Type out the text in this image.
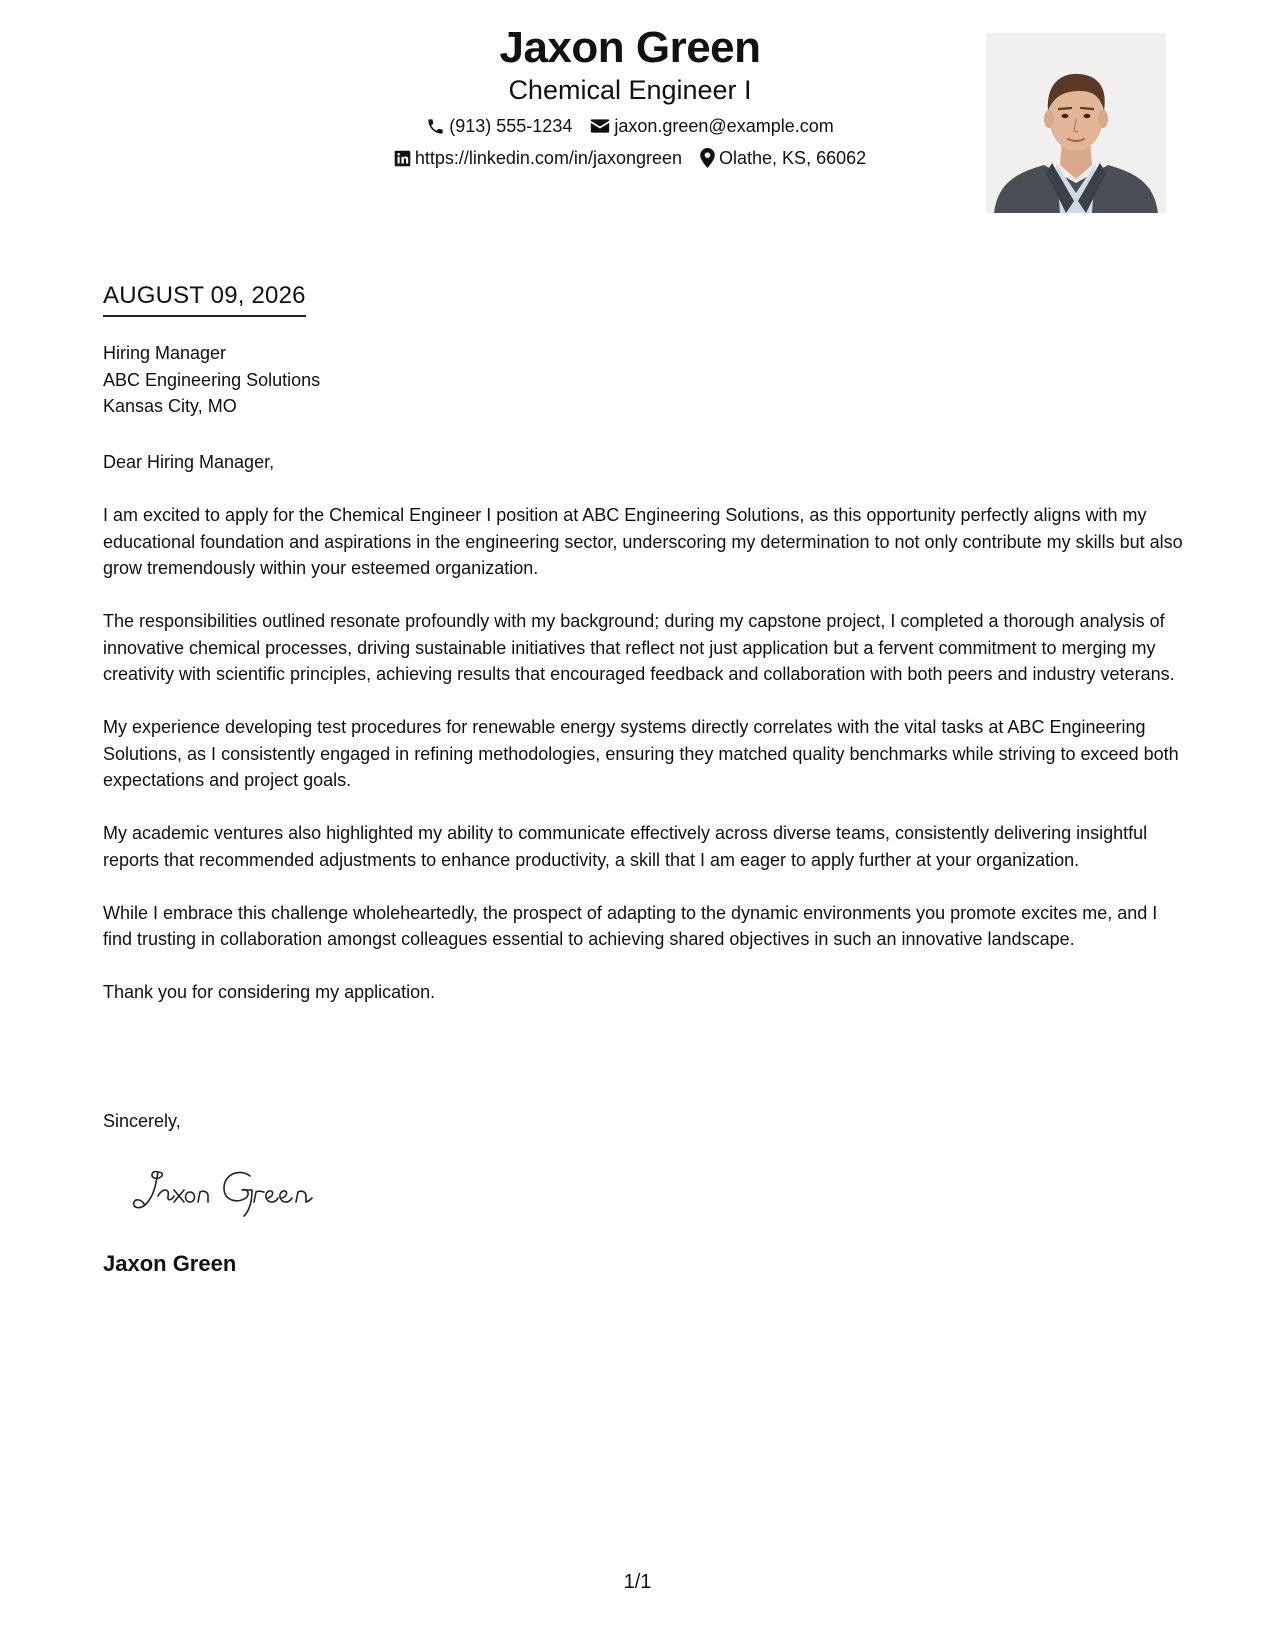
Jaxon Green
Chemical Engineer I
(913) 555-1234 jaxon.green@example.com
https://linkedin.com/in/jaxongreen Olathe, KS, 66062
AUGUST 09, 2026
Hiring Manager
ABC Engineering Solutions
Kansas City, MO

Dear Hiring Manager,

I am excited to apply for the Chemical Engineer I position at ABC Engineering Solutions, as this opportunity perfectly aligns with my educational foundation and aspirations in the engineering sector, underscoring my determination to not only contribute my skills but also grow tremendously within your esteemed organization.

The responsibilities outlined resonate profoundly with my background; during my capstone project, I completed a thorough analysis of innovative chemical processes, driving sustainable initiatives that reflect not just application but a fervent commitment to merging my creativity with scientific principles, achieving results that encouraged feedback and collaboration with both peers and industry veterans.

My experience developing test procedures for renewable energy systems directly correlates with the vital tasks at ABC Engineering Solutions, as I consistently engaged in refining methodologies, ensuring they matched quality benchmarks while striving to exceed both expectations and project goals.

My academic ventures also highlighted my ability to communicate effectively across diverse teams, consistently delivering insightful reports that recommended adjustments to enhance productivity, a skill that I am eager to apply further at your organization.

While I embrace this challenge wholeheartedly, the prospect of adapting to the dynamic environments you promote excites me, and I find trusting in collaboration amongst colleagues essential to achieving shared objectives in such an innovative landscape.

Thank you for considering my application.

Sincerely,
Jaxon Green
1/1
